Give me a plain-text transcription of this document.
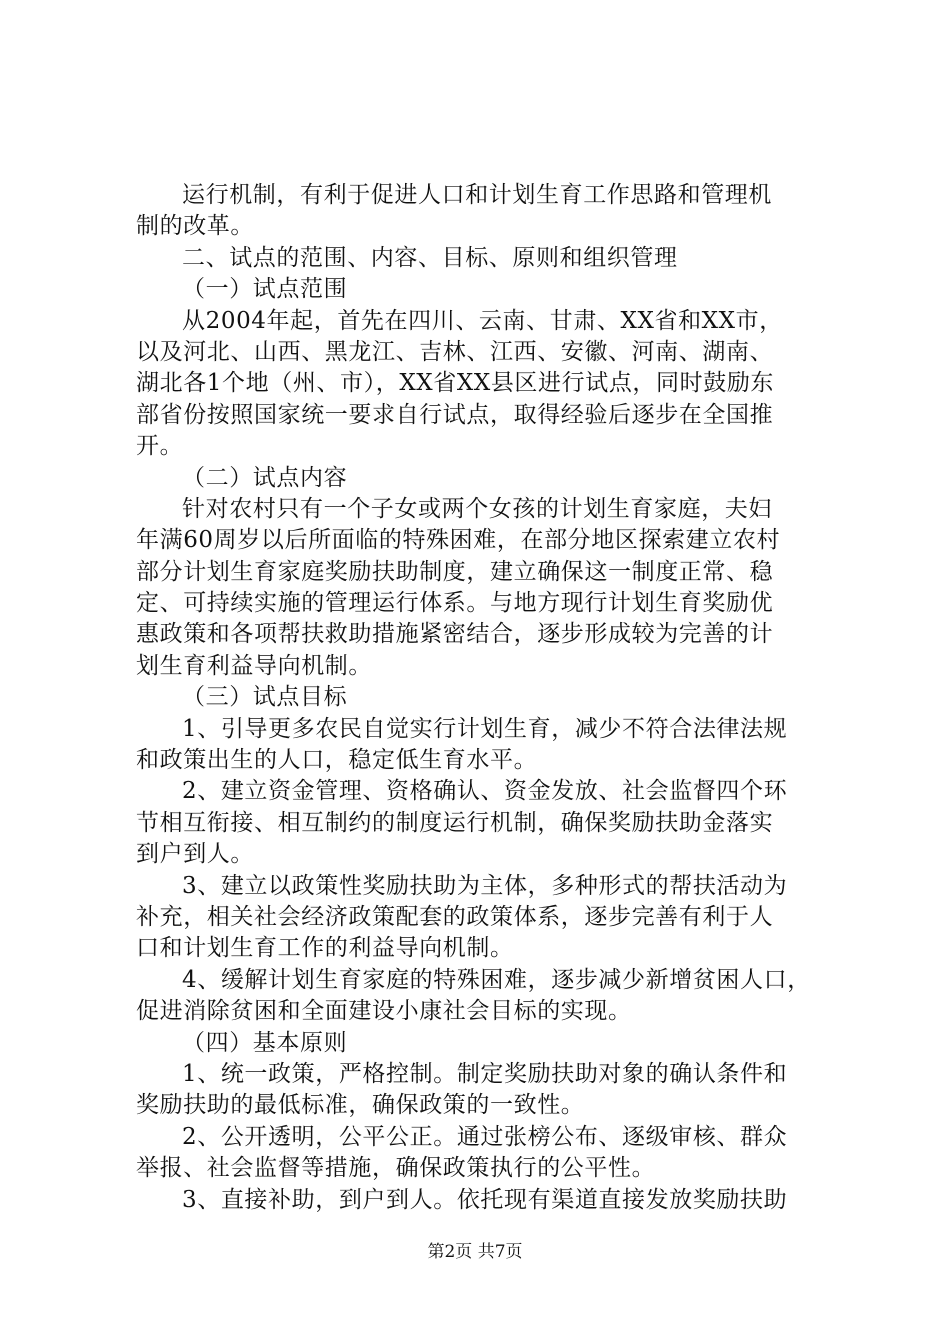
运行机制，有利于促进人口和计划生育工作思路和管理机
制的改革。
二、试点的范围、内容、目标、原则和组织管理
（一）试点范围
从2004年起，首先在四川、云南、甘肃、XX省和XX市，
以及河北、山西、黑龙江、吉林、江西、安徽、河南、湖南、
湖北各1个地（州、市），XX省XX县区进行试点，同时鼓励东
部省份按照国家统一要求自行试点，取得经验后逐步在全国推
开。
（二）试点内容
针对农村只有一个子女或两个女孩的计划生育家庭，夫妇
年满60周岁以后所面临的特殊困难，在部分地区探索建立农村
部分计划生育家庭奖励扶助制度，建立确保这一制度正常、稳
定、可持续实施的管理运行体系。与地方现行计划生育奖励优
惠政策和各项帮扶救助措施紧密结合，逐步形成较为完善的计
划生育利益导向机制。
（三）试点目标
1、引导更多农民自觉实行计划生育，减少不符合法律法规
和政策出生的人口，稳定低生育水平。
2、建立资金管理、资格确认、资金发放、社会监督四个环
节相互衔接、相互制约的制度运行机制，确保奖励扶助金落实
到户到人。
3、建立以政策性奖励扶助为主体，多种形式的帮扶活动为
补充，相关社会经济政策配套的政策体系，逐步完善有利于人
口和计划生育工作的利益导向机制。
4、缓解计划生育家庭的特殊困难，逐步减少新增贫困人口，
促进消除贫困和全面建设小康社会目标的实现。
（四）基本原则
1、统一政策，严格控制。制定奖励扶助对象的确认条件和
奖励扶助的最低标准，确保政策的一致性。
2、公开透明，公平公正。通过张榜公布、逐级审核、群众
举报、社会监督等措施，确保政策执行的公平性。
3、直接补助，到户到人。依托现有渠道直接发放奖励扶助
第2页 共7页
